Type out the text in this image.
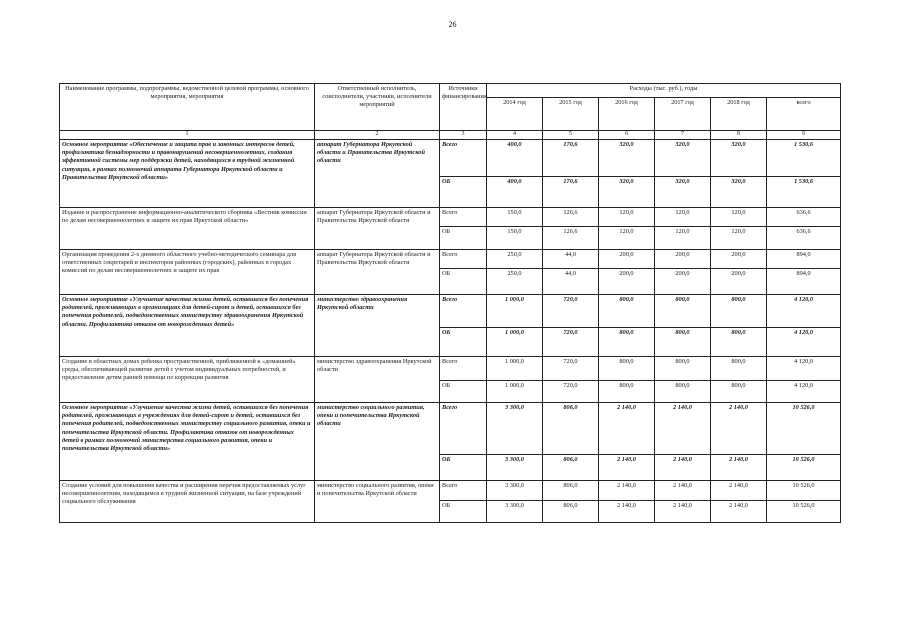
26
Наименование программы, подпрограммы, ведомственной целевой программы, основного мероприятия, мероприятия	Ответственный исполнитель, соисполнители, участники, исполнители мероприятий	Источники финансирования	Расходы (тыс. руб.), годы					
			2014 год	2015 год	2016 год	2017 год	2018 год	всего
1	2	3	4	5	6	7	8	9
Основное мероприятие «Обеспечение и защита прав и законных интересов детей, профилактика безнадзорности и правонарушений несовершеннолетних, создания эффективной системы мер поддержки детей, находящихся в трудной жизненной ситуации, в рамках полномочий аппарата Губернатора Иркутской области и Правительства Иркутской области»	аппарат Губернатора Иркутской области и Правительства Иркутской области	Всего	400,0	170,6	320,0	320,0	320,0	1 530,6
		ОБ	400,0	170,6	320,0	320,0	320,0	1 530,6
Издание и распространение информационно-аналитического сборника «Вестник комиссии по делам несовершеннолетних и защите их прав Иркутской области»	аппарат Губернатора Иркутской области и Правительства Иркутской области	Всего	150,0	126,6	120,0	120,0	120,0	636,6
		ОБ	150,0	126,6	120,0	120,0	120,0	636,6
Организация проведения 2-х дневного областного учебно-методического семинара для ответственных секретарей и инспекторов районных (городских), районных в городах комиссий по делам несовершеннолетних и защите их прав	аппарат Губернатора Иркутской области и Правительства Иркутской области	Всего	250,0	44,0	200,0	200,0	200,0	894,0
		ОБ	250,0	44,0	200,0	200,0	200,0	894,0
Основное мероприятие «Улучшение качества жизни детей, оставшихся без попечения родителей, проживающих в организациях для детей-сирот и детей, оставшихся без попечения родителей, подведомственных министерству здравоохранения Иркутской области. Профилактика отказов от новорожденных детей»	министерство здравоохранения Иркутской области	Всего	1 000,0	720,0	800,0	800,0	800,0	4 120,0
		ОБ	1 000,0	720,0	800,0	800,0	800,0	4 120,0
Создание в областных домах ребенка пространственной, приближенной к «домашней» среды, обеспечивающей развитие детей с учетом индивидуальных потребностей, и предоставление детям ранней помощи по коррекции развития	министерство здравоохранения Иркутской области	Всего	1 000,0	720,0	800,0	800,0	800,0	4 120,0
		ОБ	1 000,0	720,0	800,0	800,0	800,0	4 120,0
Основное мероприятие «Улучшение качества жизни детей, оставшихся без попечения родителей, проживающих в учреждениях для детей-сирот и детей, оставшихся без попечения родителей, подведомственных министерству социального развития, опеки и попечительства Иркутской области. Профилактика отказов от новорожденных детей в рамках полномочий министерства социального развития, опеки и попечительства Иркутской области»	министерство социального развития, опеки и попечительства Иркутской области	Всего	3 300,0	806,0	2 140,0	2 140,0	2 140,0	10 526,0
		ОБ	3 300,0	806,0	2 140,0	2 140,0	2 140,0	10 526,0
Создание условий для повышения качества и расширения перечня предоставляемых услуг несовершеннолетним, находящимся в трудной жизненной ситуации, на базе учреждений социального обслуживания	министерство социального развития, опеки и попечительства Иркутской области	Всего	3 300,0	806,0	2 140,0	2 140,0	2 140,0	10 526,0
		ОБ	3 300,0	806,0	2 140,0	2 140,0	2 140,0	10 526,0
